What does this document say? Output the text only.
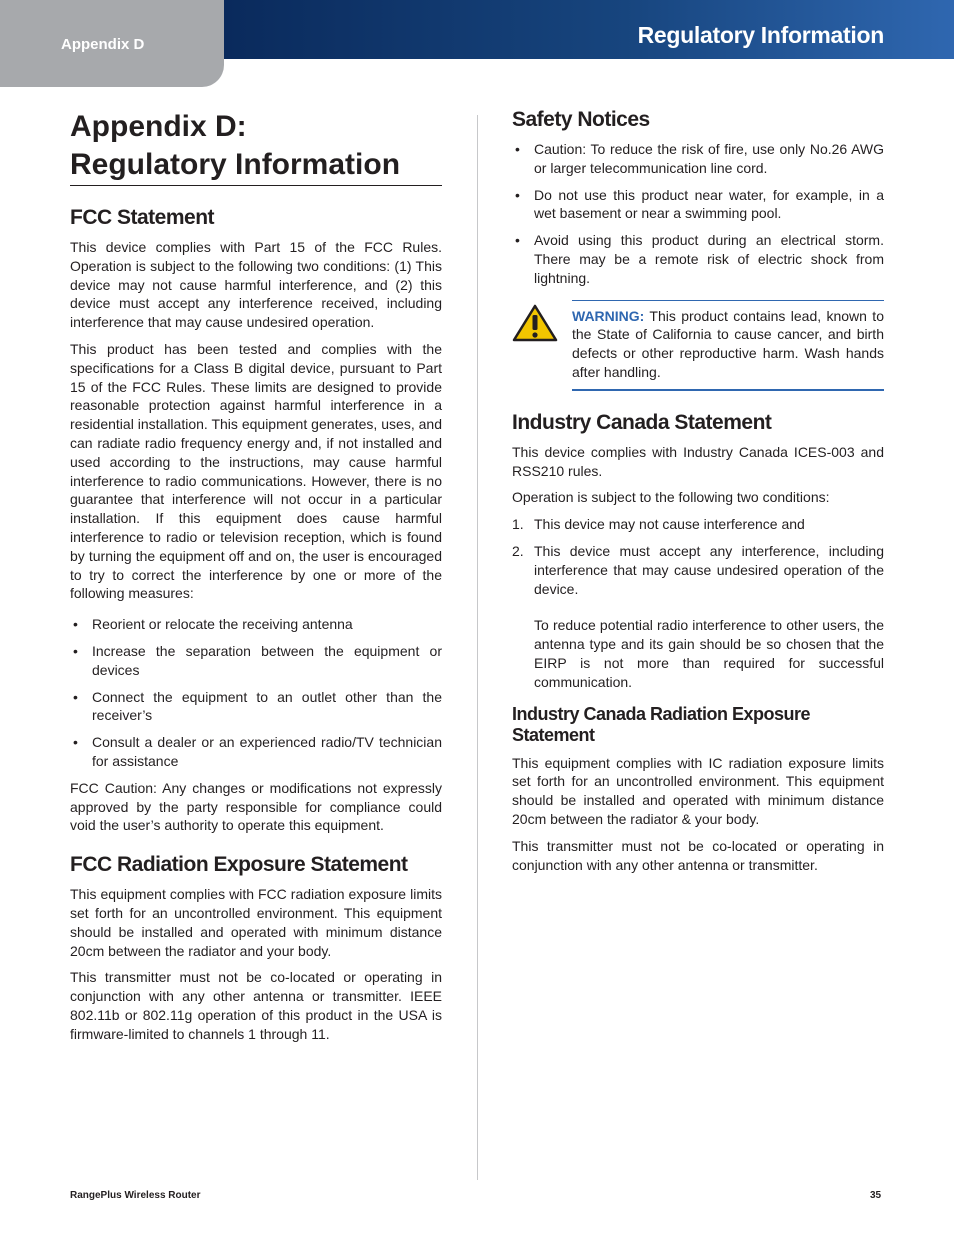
Appendix D	Regulatory Information
Appendix D:
Regulatory Information
FCC Statement

This device complies with Part 15 of the FCC Rules. Operation is subject to the following two conditions: (1) This device may not cause harmful interference, and (2) this device must accept any interference received, including interference that may cause undesired operation.

This product has been tested and complies with the specifications for a Class B digital device, pursuant to Part 15 of the FCC Rules. These limits are designed to provide reasonable protection against harmful interference in a residential installation. This equipment generates, uses, and can radiate radio frequency energy and, if not installed and used according to the instructions, may cause harmful interference to radio communications. However, there is no guarantee that interference will not occur in a particular installation. If this equipment does cause harmful interference to radio or television reception, which is found by turning the equipment off and on, the user is encouraged to try to correct the interference by one or more of the following measures:

• Reorient or relocate the receiving antenna
• Increase the separation between the equipment or devices
• Connect the equipment to an outlet other than the receiver’s
• Consult a dealer or an experienced radio/TV technician for assistance

FCC Caution: Any changes or modifications not expressly approved by the party responsible for compliance could void the user’s authority to operate this equipment.

FCC Radiation Exposure Statement

This equipment complies with FCC radiation exposure limits set forth for an uncontrolled environment. This equipment should be installed and operated with minimum distance 20cm between the radiator and your body.

This transmitter must not be co-located or operating in conjunction with any other antenna or transmitter. IEEE 802.11b or 802.11g operation of this product in the USA is firmware-limited to channels 1 through 11.

Safety Notices
• Caution: To reduce the risk of fire, use only No.26 AWG or larger telecommunication line cord.
• Do not use this product near water, for example, in a wet basement or near a swimming pool.
• Avoid using this product during an electrical storm. There may be a remote risk of electric shock from lightning.
WARNING: This product contains lead, known to the State of California to cause cancer, and birth defects or other reproductive harm. Wash hands after handling.
Industry Canada Statement

This device complies with Industry Canada ICES-003 and RSS210 rules.

Operation is subject to the following two conditions:

1. This device may not cause interference and
2. This device must accept any interference, including interference that may cause undesired operation of the device.

To reduce potential radio interference to other users, the antenna type and its gain should be so chosen that the EIRP is not more than required for successful communication.

Industry Canada Radiation Exposure Statement

This equipment complies with IC radiation exposure limits set forth for an uncontrolled environment. This equipment should be installed and operated with minimum distance 20cm between the radiator & your body.

This transmitter must not be co-located or operating in conjunction with any other antenna or transmitter.

RangePlus Wireless Router	35
